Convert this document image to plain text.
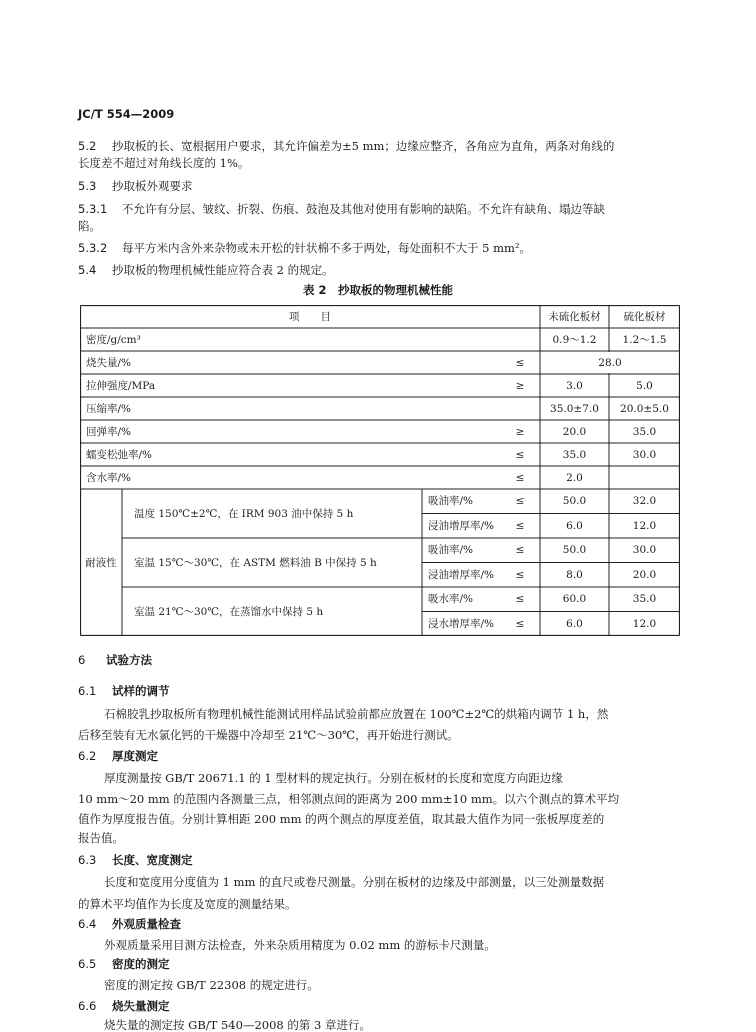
JC/T 554—2009
5.2 抄取板的长、宽根据用户要求，其允许偏差为±5 mm；边缘应整齐，各角应为直角，两条对角线的
长度差不超过对角线长度的 1%。
5.3 抄取板外观要求
5.3.1 不允许有分层、皱纹、折裂、伤痕、鼓泡及其他对使用有影响的缺陷。不允许有缺角、塌边等缺
陷。
5.3.2 每平方米内含外来杂物或未开松的针状棉不多于两处，每处面积不大于 5 mm²。
5.4 抄取板的物理机械性能应符合表 2 的规定。
表 2　抄取板的物理机械性能
项　　目	未硫化板材	硫化板材
密度/g/cm³	0.9～1.2	1.2～1.5
烧失量/%	≤	28.0
拉伸强度/MPa	≥	3.0	5.0
压缩率/%	35.0±7.0	20.0±5.0
回弹率/%	≥	20.0	35.0
蠕变松弛率/%	≤	35.0	30.0
含水率/%	≤	2.0
耐液性
温度 150℃±2℃，在 IRM 903 油中保持 5 h
吸油率/%	≤	50.0	32.0
浸油增厚率/%	≤	6.0	12.0
室温 15℃～30℃，在 ASTM 燃料油 B 中保持 5 h
吸油率/%	≤	50.0	30.0
浸油增厚率/%	≤	8.0	20.0
室温 21℃～30℃，在蒸馏水中保持 5 h
吸水率/%	≤	60.0	35.0
浸水增厚率/%	≤	6.0	12.0
6 试验方法
6.1 试样的调节
石棉胶乳抄取板所有物理机械性能测试用样品试验前都应放置在 100℃±2℃的烘箱内调节 1 h，然
后移至装有无水氯化钙的干燥器中冷却至 21℃～30℃，再开始进行测试。
6.2 厚度测定
厚度测量按 GB/T 20671.1 的 1 型材料的规定执行。分别在板材的长度和宽度方向距边缘
10 mm～20 mm 的范围内各测量三点，相邻测点间的距离为 200 mm±10 mm。以六个测点的算术平均
值作为厚度报告值。分别计算相距 200 mm 的两个测点的厚度差值，取其最大值作为同一张板厚度差的
报告值。
6.3 长度、宽度测定
长度和宽度用分度值为 1 mm 的直尺或卷尺测量。分别在板材的边缘及中部测量，以三处测量数据
的算术平均值作为长度及宽度的测量结果。
6.4 外观质量检查
外观质量采用目测方法检查，外来杂质用精度为 0.02 mm 的游标卡尺测量。
6.5 密度的测定
密度的测定按 GB/T 22308 的规定进行。
6.6 烧失量测定
烧失量的测定按 GB/T 540—2008 的第 3 章进行。
